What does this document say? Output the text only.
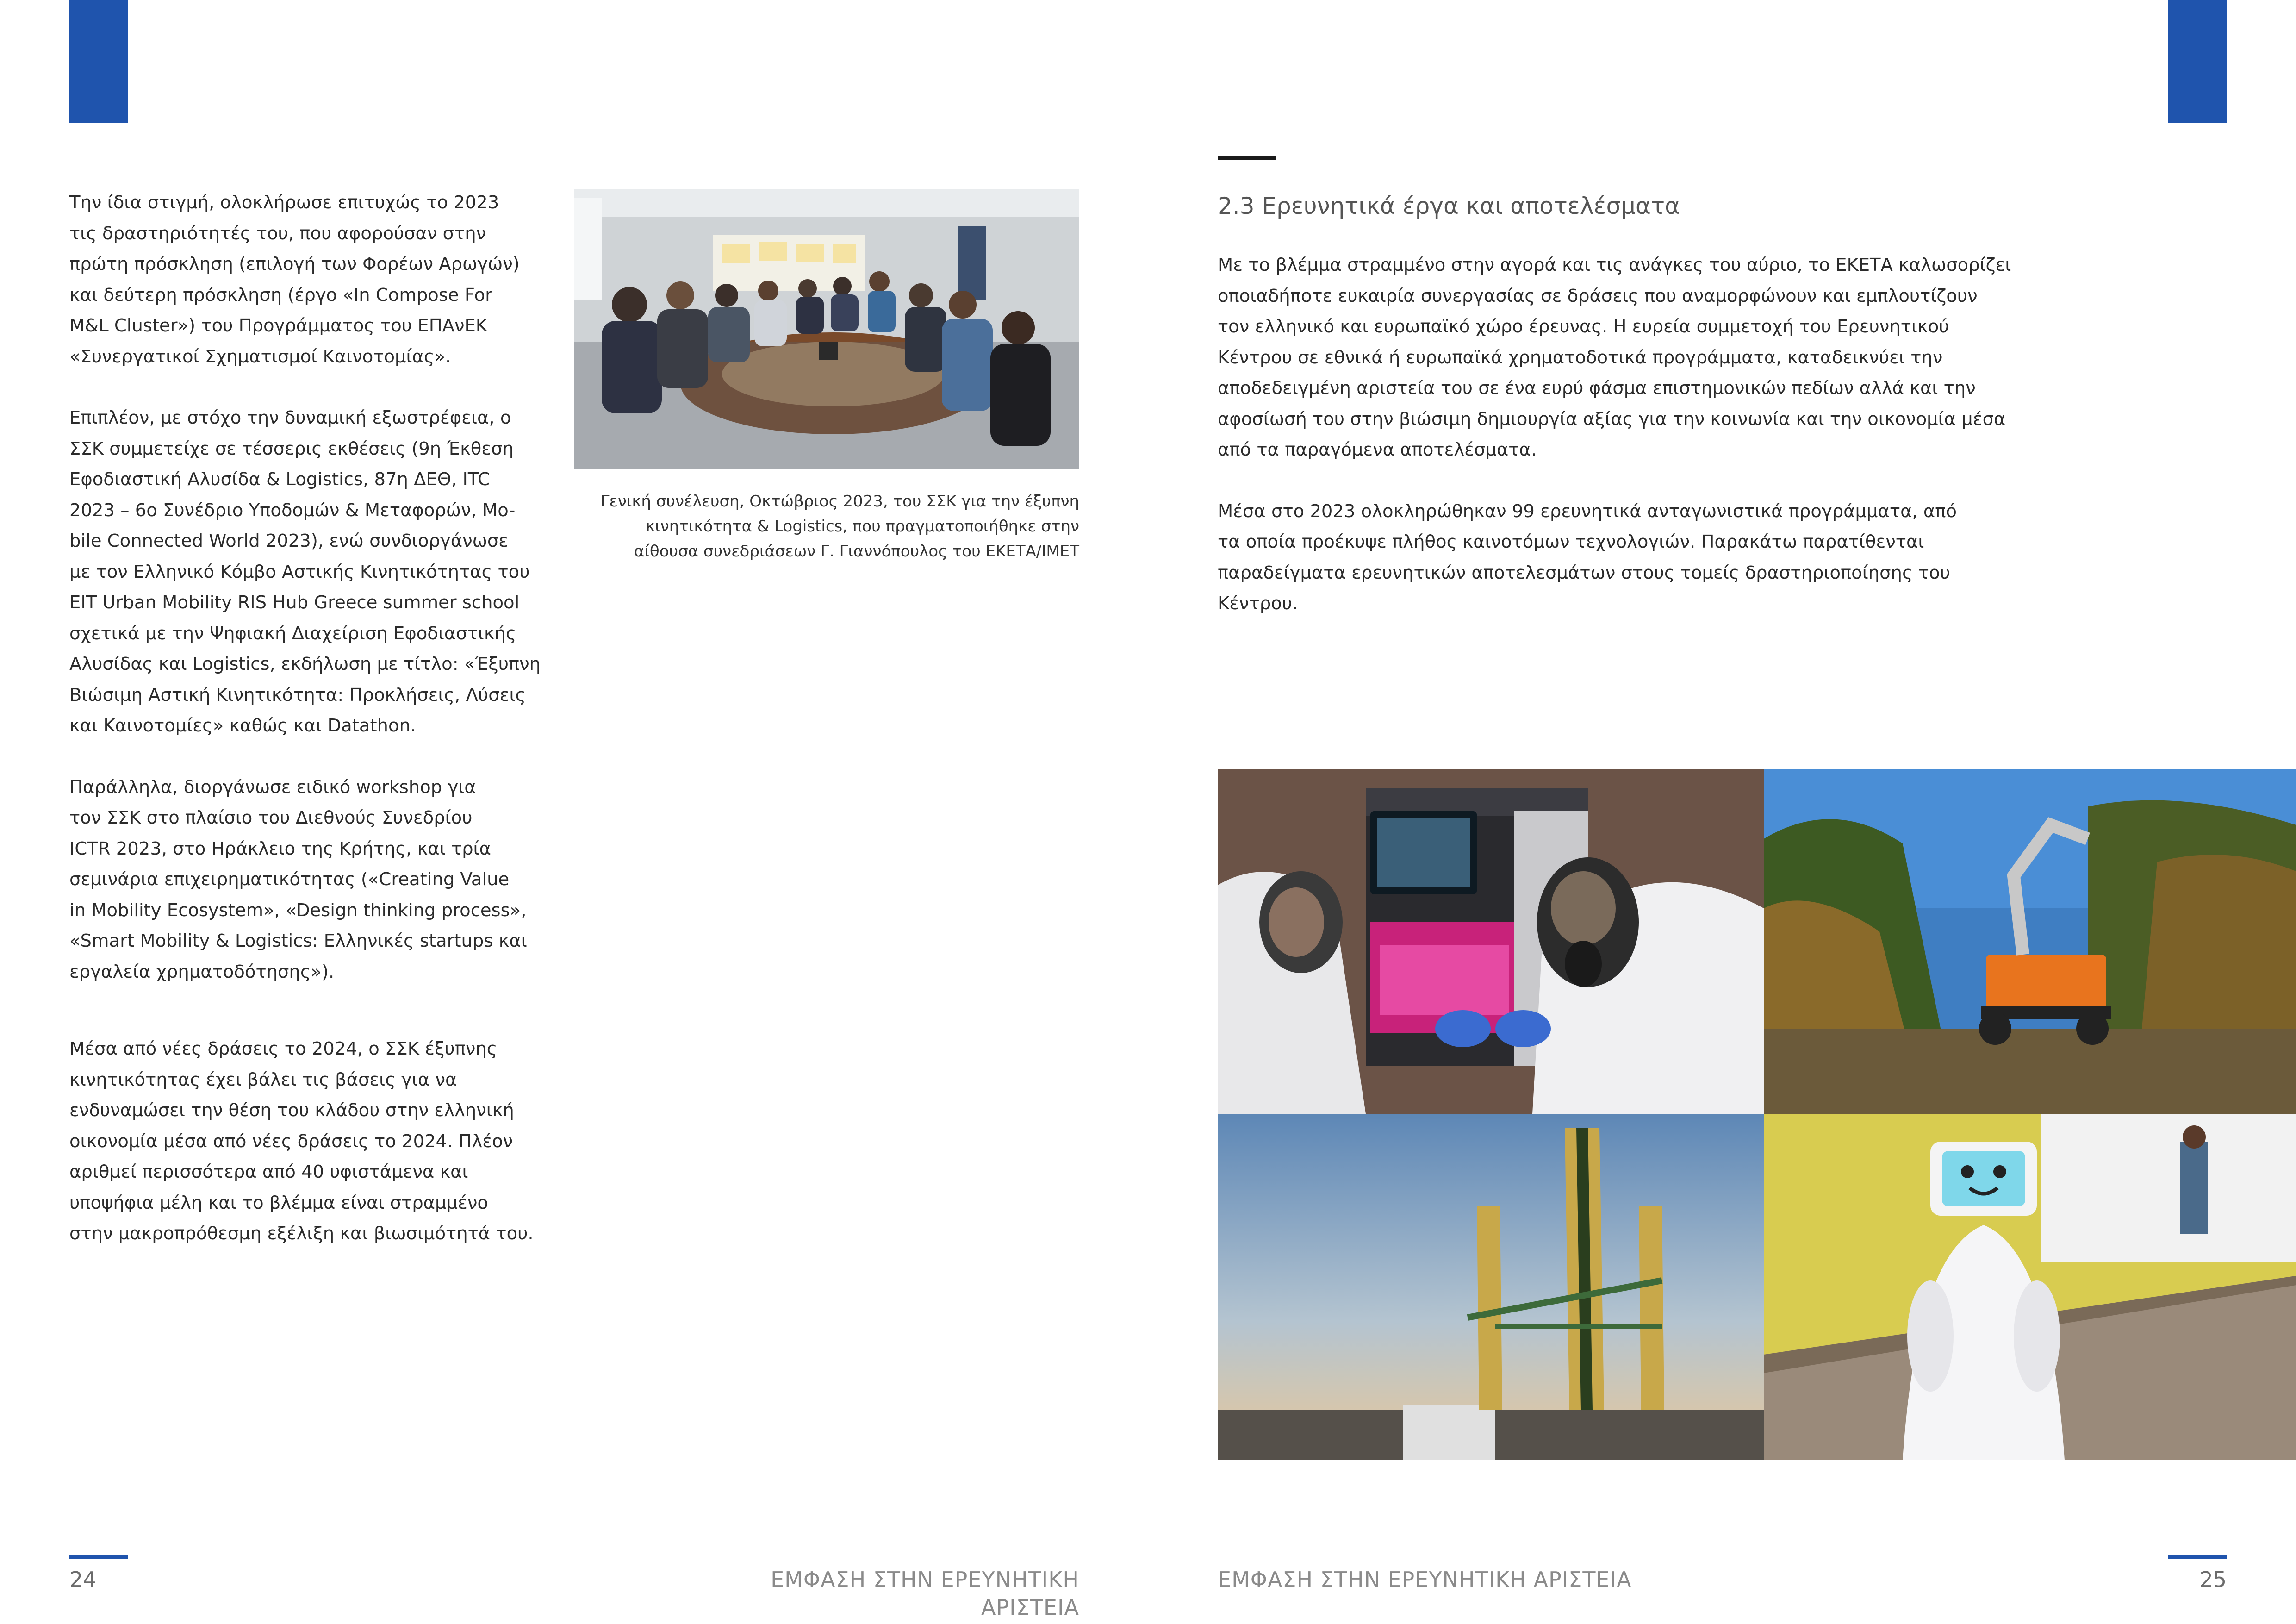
Την ίδια στιγμή, ολοκλήρωσε επιτυχώς το 2023
τις δραστηριότητές του, που αφορούσαν στην
πρώτη πρόσκληση (επιλογή των Φορέων Αρωγών)
και δεύτερη πρόσκληση (έργο «In Compose For
M&L Cluster») του Προγράμματος του ΕΠΑνΕΚ
«Συνεργατικοί Σχηματισμοί Καινοτομίας».

Επιπλέον, με στόχο την δυναμική εξωστρέφεια, ο
ΣΣΚ συμμετείχε σε τέσσερις εκθέσεις (9η Έκθεση
Εφοδιαστική Αλυσίδα & Logistics, 87η ΔΕΘ, ITC
2023 – 6ο Συνέδριο Υποδομών & Μεταφορών, Mo-
bile Connected World 2023), ενώ συνδιοργάνωσε
με τον Ελληνικό Κόμβο Αστικής Κινητικότητας του
EIT Urban Mobility RIS Hub Greece summer school
σχετικά με την Ψηφιακή Διαχείριση Εφοδιαστικής
Αλυσίδας και Logistics, εκδήλωση με τίτλο: «Έξυπνη
Βιώσιμη Αστική Κινητικότητα: Προκλήσεις, Λύσεις
και Καινοτομίες» καθώς και Datathon.

Παράλληλα, διοργάνωσε ειδικό workshop για
τον ΣΣΚ στο πλαίσιο του Διεθνούς Συνεδρίου
ICTR 2023, στο Ηράκλειο της Κρήτης, και τρία
σεμινάρια επιχειρηματικότητας («Creating Value
in Mobility Ecosystem», «Design thinking process»,
«Smart Mobility & Logistics: Ελληνικές startups και
εργαλεία χρηματοδότησης»).

Μέσα από νέες δράσεις το 2024, ο ΣΣΚ έξυπνης
κινητικότητας έχει βάλει τις βάσεις για να
ενδυναμώσει την θέση του κλάδου στην ελληνική
οικονομία μέσα από νέες δράσεις το 2024. Πλέον
αριθμεί περισσότερα από 40 υφιστάμενα και
υποψήφια μέλη και το βλέμμα είναι στραμμένο
στην μακροπρόθεσμη εξέλιξη και βιωσιμότητά του.

Γενική συνέλευση, Οκτώβριος 2023, του ΣΣΚ για την έξυπνη
κινητικότητα & Logistics, που πραγματοποιήθηκε στην
αίθουσα συνεδριάσεων Γ. Γιαννόπουλος του ΕΚΕΤΑ/ΙΜΕΤ
2.3 Ερευνητικά έργα και αποτελέσματα

Με το βλέμμα στραμμένο στην αγορά και τις ανάγκες του αύριο, το ΕΚΕΤΑ καλωσορίζει
οποιαδήποτε ευκαιρία συνεργασίας σε δράσεις που αναμορφώνουν και εμπλουτίζουν
τον ελληνικό και ευρωπαϊκό χώρο έρευνας. Η ευρεία συμμετοχή του Ερευνητικού
Κέντρου σε εθνικά ή ευρωπαϊκά χρηματοδοτικά προγράμματα, καταδεικνύει την
αποδεδειγμένη αριστεία του σε ένα ευρύ φάσμα επιστημονικών πεδίων αλλά και την
αφοσίωσή του στην βιώσιμη δημιουργία αξίας για την κοινωνία και την οικονομία μέσα
από τα παραγόμενα αποτελέσματα.

Μέσα στο 2023 ολοκληρώθηκαν 99 ερευνητικά ανταγωνιστικά προγράμματα, από
τα οποία προέκυψε πλήθος καινοτόμων τεχνολογιών. Παρακάτω παρατίθενται
παραδείγματα ερευνητικών αποτελεσμάτων στους τομείς δραστηριοποίησης του
Κέντρου.

24	ΕΜΦΑΣΗ ΣΤΗΝ ΕΡΕΥΝΗΤΙΚΗ ΑΡΙΣΤΕΙΑ
ΕΜΦΑΣΗ ΣΤΗΝ ΕΡΕΥΝΗΤΙΚΗ ΑΡΙΣΤΕΙΑ	25
